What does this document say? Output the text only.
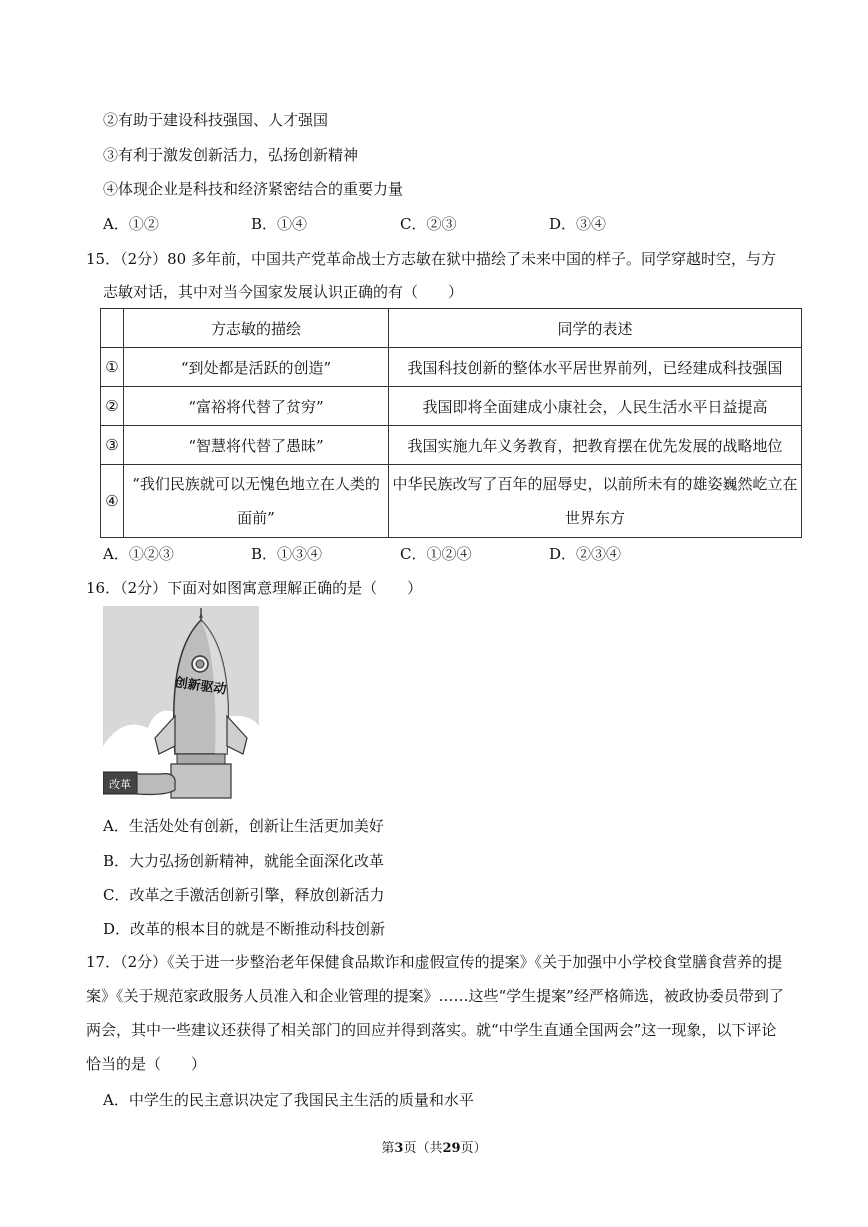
②有助于建设科技强国、人才强国
③有利于激发创新活力，弘扬创新精神
④体现企业是科技和经济紧密结合的重要力量
A．①②	B．①④	C．②③	D．③④
15．（2分）80 多年前，中国共产党革命战士方志敏在狱中描绘了未来中国的样子。同学穿越时空，与方
志敏对话，其中对当今国家发展认识正确的有（　　）
	方志敏的描绘	同学的表述
①	“到处都是活跃的创造”	我国科技创新的整体水平居世界前列，已经建成科技强国
②	“富裕将代替了贫穷”	我国即将全面建成小康社会，人民生活水平日益提高
③	“智慧将代替了愚昧”	我国实施九年义务教育，把教育摆在优先发展的战略地位
④	“我们民族就可以无愧色地立在人类的面前”	中华民族改写了百年的屈辱史，以前所未有的雄姿巍然屹立在世界东方
A．①②③	B．①③④	C．①②④	D．②③④
16．（2分）下面对如图寓意理解正确的是（　　）
创新驱动
改革
A．生活处处有创新，创新让生活更加美好
B．大力弘扬创新精神，就能全面深化改革
C．改革之手激活创新引擎，释放创新活力
D．改革的根本目的就是不断推动科技创新
17．（2分）《关于进一步整治老年保健食品欺诈和虚假宣传的提案》《关于加强中小学校食堂膳食营养的提案》《关于规范家政服务人员准入和企业管理的提案》……这些“学生提案”经严格筛选，被政协委员带到了两会，其中一些建议还获得了相关部门的回应并得到落实。就“中学生直通全国两会”这一现象，以下评论恰当的是（　　）
A．中学生的民主意识决定了我国民主生活的质量和水平
第3页（共29页）
